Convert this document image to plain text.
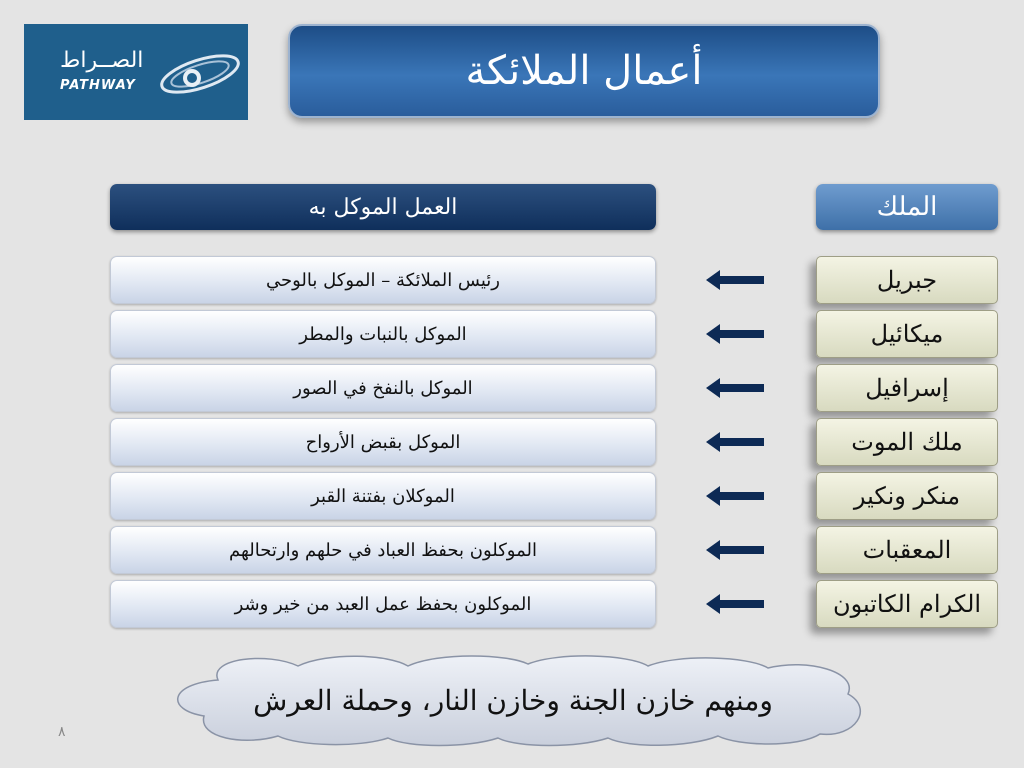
الصــراط
PATHWAY	أعمال الملائكة
العمل الموكل به	الملك
رئيس الملائكة – الموكل بالوحي	جبريل
الموكل بالنبات والمطر	ميكائيل
الموكل بالنفخ في الصور	إسرافيل
الموكل بقبض الأرواح	ملك الموت
الموكلان بفتنة القبر	منكر ونكير
الموكلون بحفظ العباد في حلهم وارتحالهم	المعقبات
الموكلون بحفظ عمل العبد من خير وشر	الكرام الكاتبون
ومنهم خازن الجنة وخازن النار، وحملة العرش
٨
